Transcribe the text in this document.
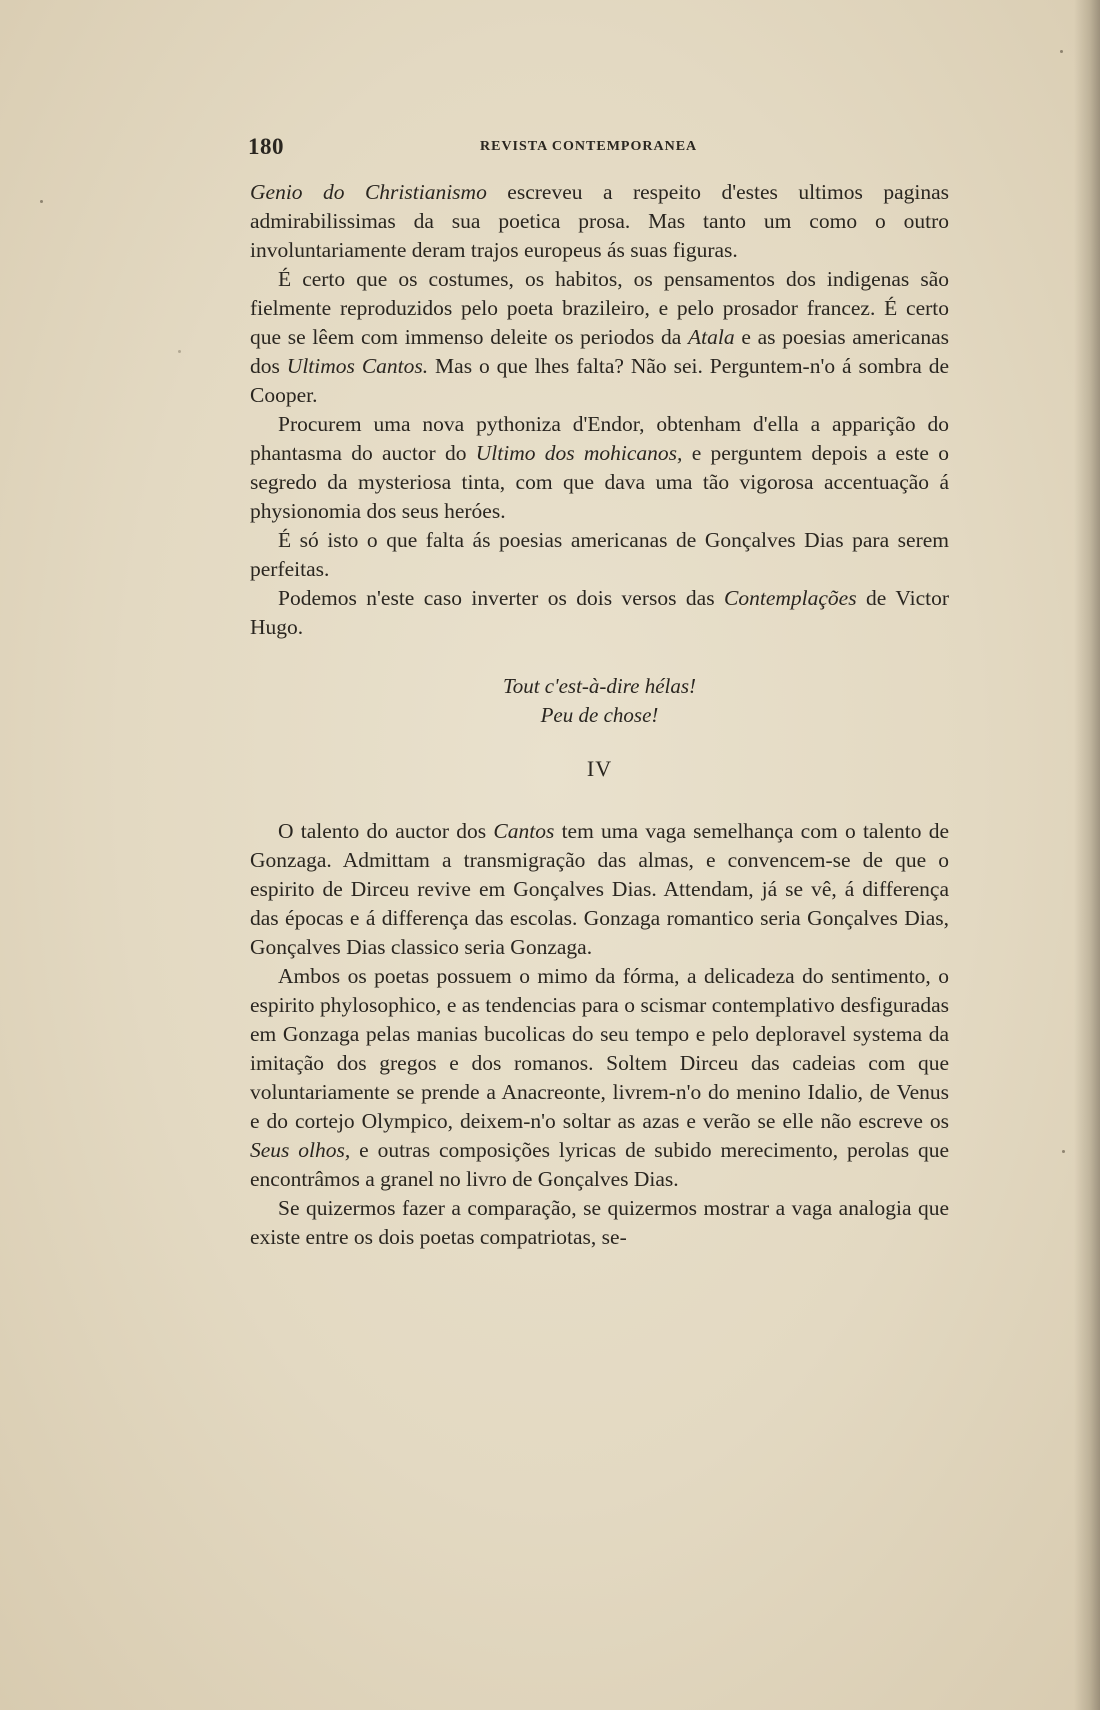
180	REVISTA CONTEMPORANEA

Genio do Christianismo escreveu a respeito d'estes ultimos paginas admirabilissimas da sua poetica prosa. Mas tanto um como o outro involuntariamente deram trajos europeus ás suas figuras.

É certo que os costumes, os habitos, os pensamentos dos indigenas são fielmente reproduzidos pelo poeta brazileiro, e pelo prosador francez. É certo que se lêem com immenso deleite os periodos da Atala e as poesias americanas dos Ultimos Cantos. Mas o que lhes falta? Não sei. Perguntem-n'o á sombra de Cooper.

Procurem uma nova pythoniza d'Endor, obtenham d'ella a apparição do phantasma do auctor do Ultimo dos mohicanos, e perguntem depois a este o segredo da mysteriosa tinta, com que dava uma tão vigorosa accentuação á physionomia dos seus heróes.

É só isto o que falta ás poesias americanas de Gonçalves Dias para serem perfeitas.

Podemos n'este caso inverter os dois versos das Contemplações de Victor Hugo.

Tout c'est-à-dire hélas!
Peu de chose!
IV

O talento do auctor dos Cantos tem uma vaga semelhança com o talento de Gonzaga. Admittam a transmigração das almas, e convencem-se de que o espirito de Dirceu revive em Gonçalves Dias. Attendam, já se vê, á differença das épocas e á differença das escolas. Gonzaga romantico seria Gonçalves Dias, Gonçalves Dias classico seria Gonzaga.

Ambos os poetas possuem o mimo da fórma, a delicadeza do sentimento, o espirito phylosophico, e as tendencias para o scismar contemplativo desfiguradas em Gonzaga pelas manias bucolicas do seu tempo e pelo deploravel systema da imitação dos gregos e dos romanos. Soltem Dirceu das cadeias com que voluntariamente se prende a Anacreonte, livrem-n'o do menino Idalio, de Venus e do cortejo Olympico, deixem-n'o soltar as azas e verão se elle não escreve os Seus olhos, e outras composições lyricas de subido merecimento, perolas que encontrâmos a granel no livro de Gonçalves Dias.

Se quizermos fazer a comparação, se quizermos mostrar a vaga analogia que existe entre os dois poetas compatriotas, se-
